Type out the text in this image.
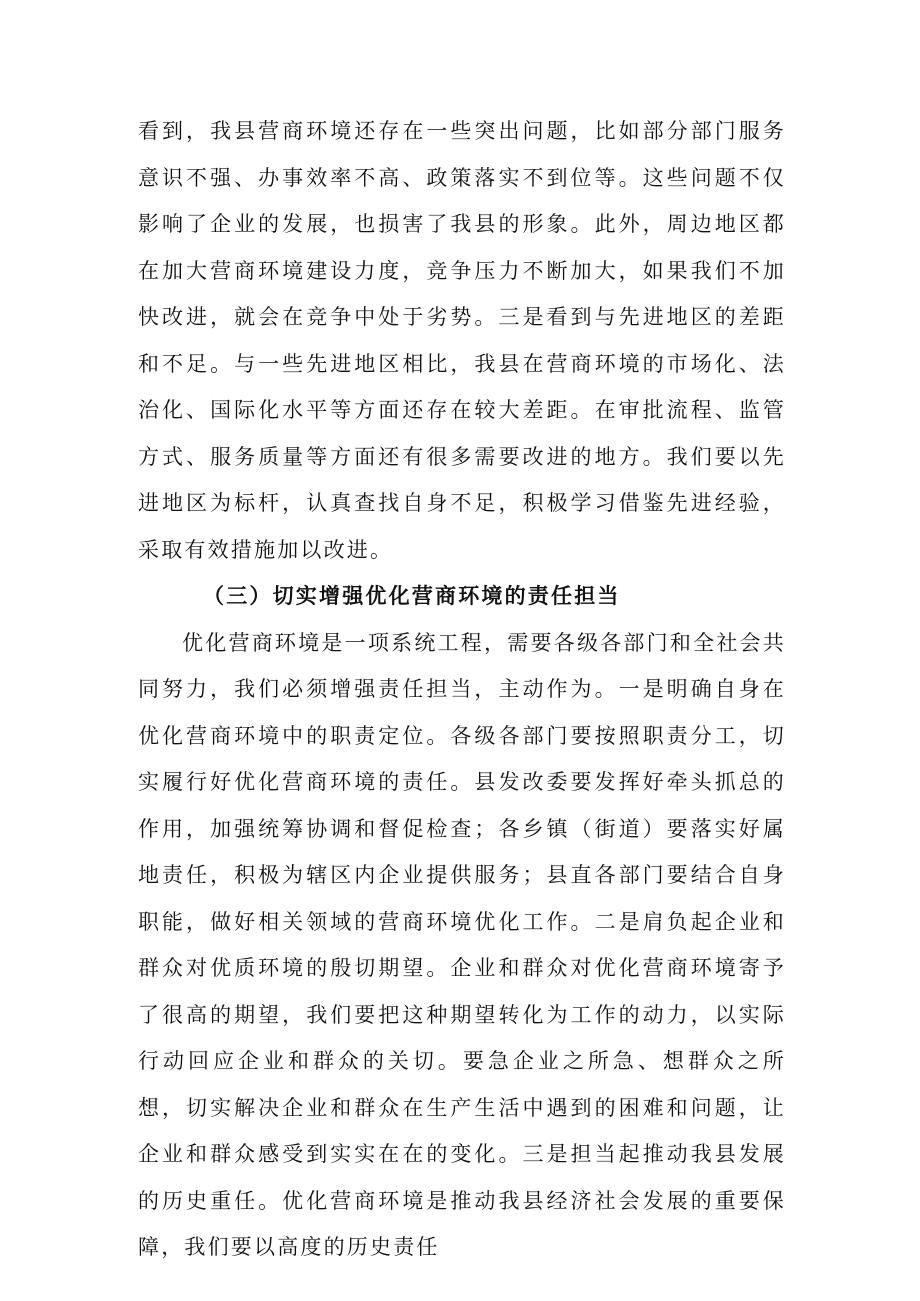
看到，我县营商环境还存在一些突出问题，比如部分部门服务意识不强、办事效率不高、政策落实不到位等。这些问题不仅影响了企业的发展，也损害了我县的形象。此外，周边地区都在加大营商环境建设力度，竞争压力不断加大，如果我们不加快改进，就会在竞争中处于劣势。三是看到与先进地区的差距和不足。与一些先进地区相比，我县在营商环境的市场化、法治化、国际化水平等方面还存在较大差距。在审批流程、监管方式、服务质量等方面还有很多需要改进的地方。我们要以先进地区为标杆，认真查找自身不足，积极学习借鉴先进经验，采取有效措施加以改进。

（三）切实增强优化营商环境的责任担当

优化营商环境是一项系统工程，需要各级各部门和全社会共同努力，我们必须增强责任担当，主动作为。一是明确自身在优化营商环境中的职责定位。各级各部门要按照职责分工，切实履行好优化营商环境的责任。县发改委要发挥好牵头抓总的作用，加强统筹协调和督促检查；各乡镇（街道）要落实好属地责任，积极为辖区内企业提供服务；县直各部门要结合自身职能，做好相关领域的营商环境优化工作。二是肩负起企业和群众对优质环境的殷切期望。企业和群众对优化营商环境寄予了很高的期望，我们要把这种期望转化为工作的动力，以实际行动回应企业和群众的关切。要急企业之所急、想群众之所想，切实解决企业和群众在生产生活中遇到的困难和问题，让企业和群众感受到实实在在的变化。三是担当起推动我县发展的历史重任。优化营商环境是推动我县经济社会发展的重要保障，我们要以高度的历史责任
